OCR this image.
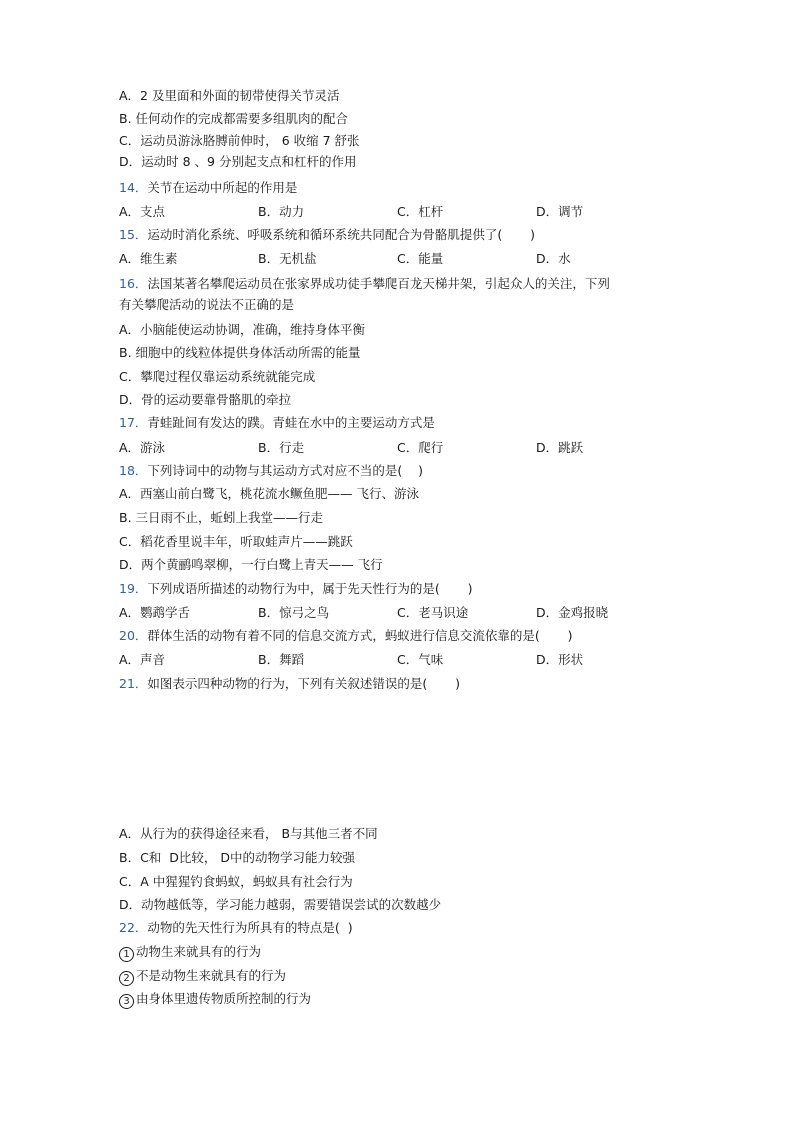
A．2 及里面和外面的韧带使得关节灵活
B. 任何动作的完成都需要多组肌肉的配合
C．运动员游泳胳膊前伸时， 6 收缩 7 舒张
D．运动时 8 、9 分别起支点和杠杆的作用
14．关节在运动中所起的作用是
A．支点	B．动力	C．杠杆	D．调节
15．运动时消化系统、呼吸系统和循环系统共同配合为骨骼肌提供了(       )
A．维生素	B．无机盐	C．能量	D．水
16．法国某著名攀爬运动员在张家界成功徒手攀爬百龙天梯井架，引起众人的关注，下列
有关攀爬活动的说法不正确的是
A．小脑能使运动协调，准确，维持身体平衡
B. 细胞中的线粒体提供身体活动所需的能量
C．攀爬过程仅靠运动系统就能完成
D．骨的运动要靠骨骼肌的牵拉
17．青蛙趾间有发达的蹼。青蛙在水中的主要运动方式是
A．游泳	B．行走	C．爬行	D．跳跃
18．下列诗词中的动物与其运动方式对应不当的是(    )
A．西塞山前白鹭飞，桃花流水鳜鱼肥—— 飞行、游泳
B. 三日雨不止，蚯蚓上我堂——行走
C．稻花香里说丰年，听取蛙声片——跳跃
D．两个黄鹂鸣翠柳，一行白鹭上青天—— 飞行
19．下列成语所描述的动物行为中，属于先天性行为的是(       )
A．鹦鹉学舌	B．惊弓之鸟	C．老马识途	D．金鸡报晓
20．群体生活的动物有着不同的信息交流方式，蚂蚁进行信息交流依靠的是(       )
A．声音	B．舞蹈	C．气味	D．形状
21．如图表示四种动物的行为，下列有关叙述错误的是(       )
A．从行为的获得途径来看， B与其他三者不同
B．C和  D比较， D中的动物学习能力较强
C．A 中猩猩钓食蚂蚁，蚂蚁具有社会行为
D．动物越低等，学习能力越弱，需要错误尝试的次数越少
22．动物的先天性行为所具有的特点是(  )
1 动物生来就具有的行为
2 不是动物生来就具有的行为
3 由身体里遗传物质所控制的行为
